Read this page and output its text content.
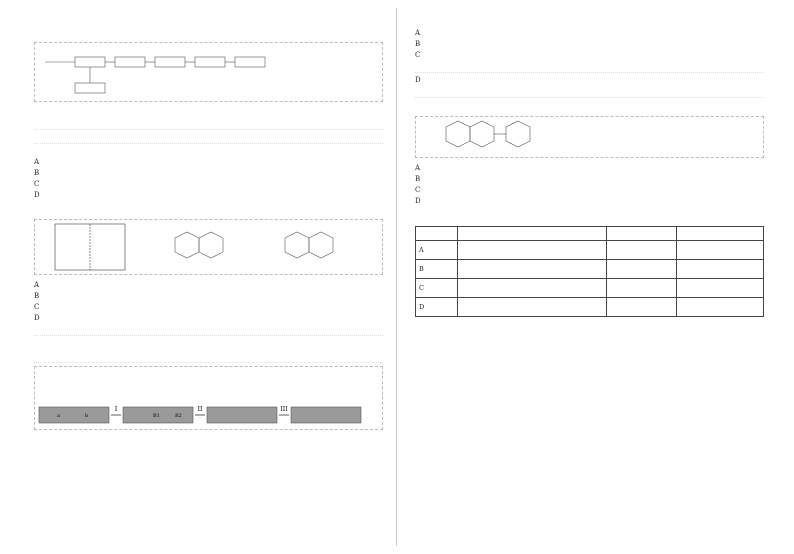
A
B
C
D
A
B
C
D
I	II	III
a	b	B1	B2
A
B
C
D
A
B
C
D

A			
B			
C			
D			
